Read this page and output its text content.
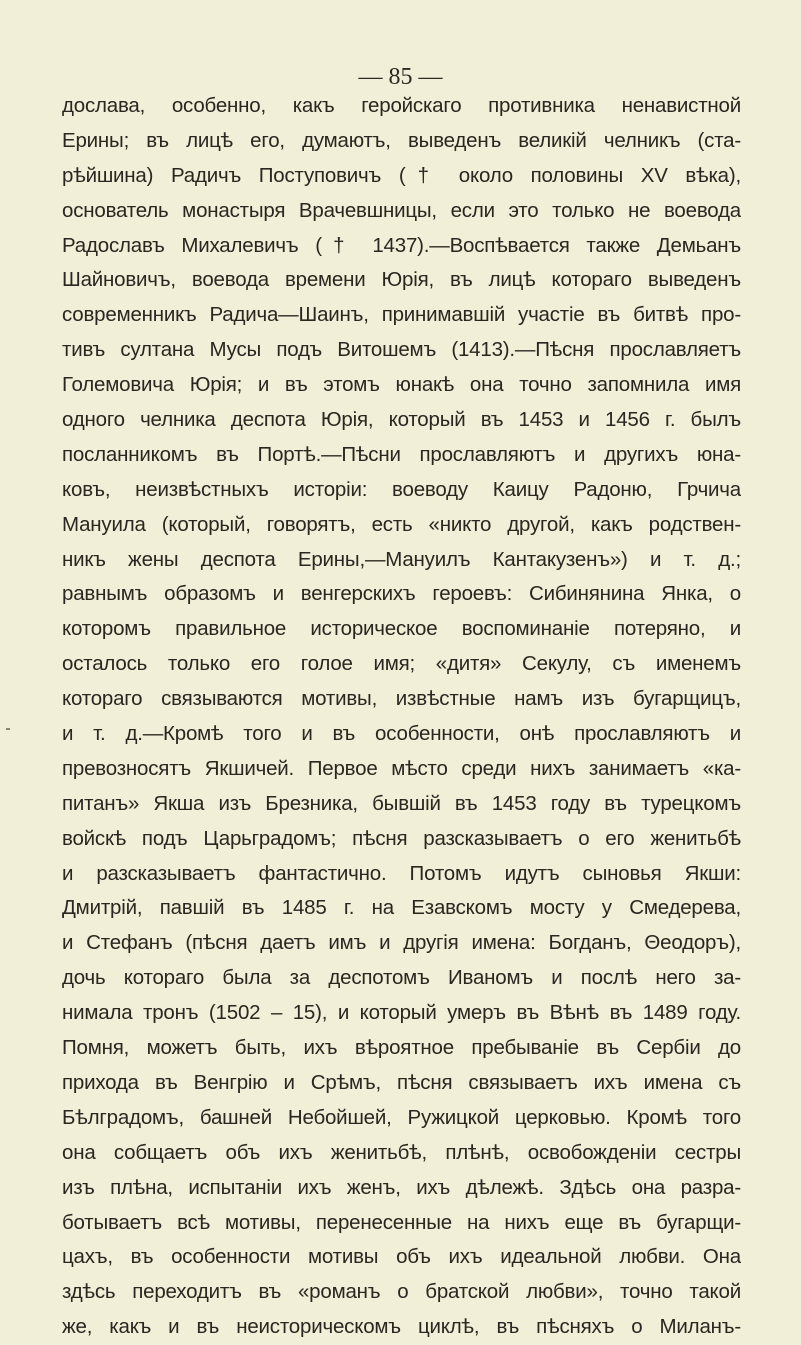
— 85 —
дослава, особенно, какъ геройскаго противника ненавистной
Ерины; въ лицѣ его, думаютъ, выведенъ великій челникъ (ста-
рѣйшина) Радичъ Поступовичъ († около половины XV вѣка),
основатель монастыря Врачевшницы, если это только не воевода
Радославъ Михалевичъ († 1437).—Воспѣвается также Демьанъ
Шайновичъ, воевода времени Юрія, въ лицѣ котораго выведенъ
современникъ Радича—Шаинъ, принимавшій участіе въ битвѣ про-
тивъ султана Мусы подъ Витошемъ (1413).—Пѣсня прославляетъ
Големовича Юрія; и въ этомъ юнакѣ она точно запомнила имя
одного челника деспота Юрія, который въ 1453 и 1456 г. былъ
посланникомъ въ Портѣ.—Пѣсни прославляютъ и другихъ юна-
ковъ, неизвѣстныхъ исторіи: воеводу Каицу Радоню, Грчича
Мануила (который, говорятъ, есть «никто другой, какъ родствен-
никъ жены деспота Ерины,—Мануилъ Кантакузенъ») и т. д.;
равнымъ образомъ и венгерскихъ героевъ: Сибинянина Янка, о
которомъ правильное историческое воспоминаніе потеряно, и
осталось только его голое имя; «дитя» Секулу, съ именемъ
котораго связываются мотивы, извѣстные намъ изъ бугарщицъ,
и т. д.—Кромѣ того и въ особенности, онѣ прославляютъ и
превозносятъ Якшичей. Первое мѣсто среди нихъ занимаетъ «ка-
питанъ» Якша изъ Брезника, бывшій въ 1453 году въ турецкомъ
войскѣ подъ Царьградомъ; пѣсня разсказываетъ о его женитьбѣ
и разсказываетъ фантастично. Потомъ идутъ сыновья Якши:
Дмитрій, павшій въ 1485 г. на Езавскомъ мосту у Смедерева,
и Стефанъ (пѣсня даетъ имъ и другія имена: Богданъ, Θеодоръ),
дочь котораго была за деспотомъ Иваномъ и послѣ него за-
нимала тронъ (1502 – 15), и который умеръ въ Вѣнѣ въ 1489 году.
Помня, можетъ быть, ихъ вѣроятное пребываніе въ Сербіи до
прихода въ Венгрію и Срѣмъ, пѣсня связываетъ ихъ имена съ
Бѣлградомъ, башней Небойшей, Ружицкой церковью. Кромѣ того
она собщаетъ объ ихъ женитьбѣ, плѣнѣ, освобожденіи сестры
изъ плѣна, испытаніи ихъ женъ, ихъ дѣлежѣ. Здѣсь она разра-
ботываетъ всѣ мотивы, перенесенные на нихъ еще въ бугарщи-
цахъ, въ особенности мотивы объ ихъ идеальной любви. Она
здѣсь переходитъ въ «романъ о братской любви», точно такой
же, какъ и въ неисторическомъ циклѣ, въ пѣсняхъ о Миланъ-
